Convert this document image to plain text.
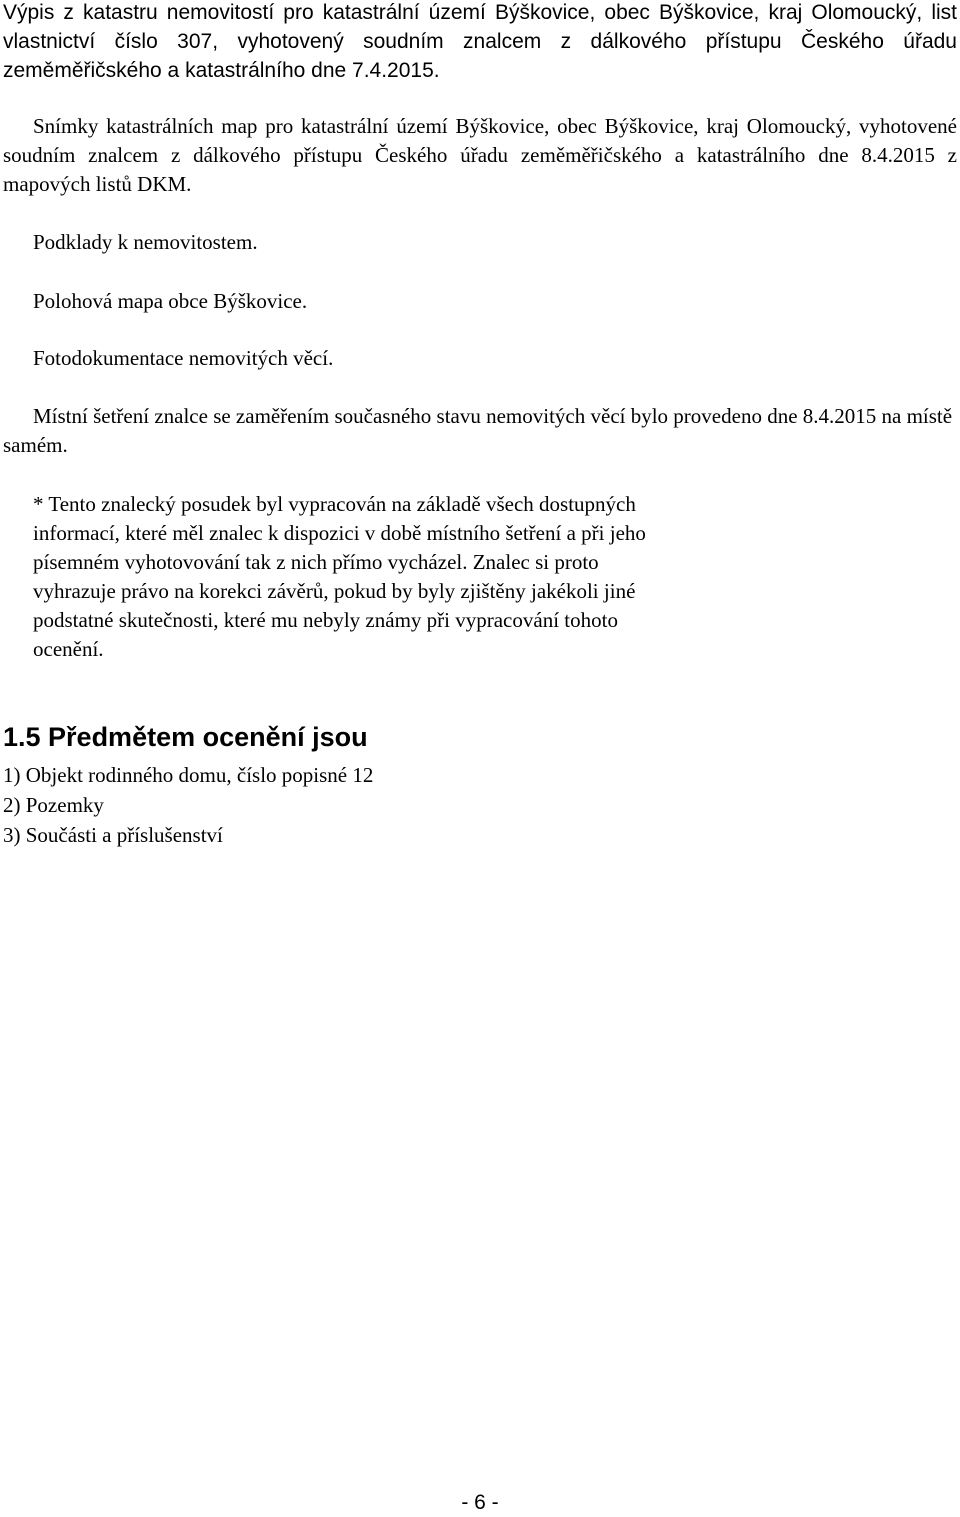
Výpis z katastru nemovitostí pro katastrální území Býškovice, obec Býškovice, kraj Olomoucký, list vlastnictví číslo 307, vyhotovený soudním znalcem z dálkového přístupu Českého úřadu zeměměřičského a katastrálního dne 7.4.2015.

Snímky katastrálních map pro katastrální území Býškovice, obec Býškovice, kraj Olomoucký, vyhotovené soudním znalcem z dálkového přístupu Českého úřadu zeměměřičského a katastrálního dne 8.4.2015 z mapových listů DKM.

Podklady k nemovitostem.

Polohová mapa obce Býškovice.

Fotodokumentace nemovitých věcí.

Místní šetření znalce se zaměřením současného stavu nemovitých věcí bylo provedeno dne 8.4.2015 na místě samém.

* Tento znalecký posudek byl vypracován na základě všech dostupných informací, které měl znalec k dispozici v době místního šetření a při jeho písemném vyhotovování tak z nich přímo vycházel. Znalec si proto vyhrazuje právo na korekci závěrů, pokud by byly zjištěny jakékoli jiné podstatné skutečnosti, které mu nebyly známy při vypracování tohoto ocenění.

1.5 Předmětem ocenění jsou
1) Objekt rodinného domu, číslo popisné 12
2) Pozemky
3) Součásti a příslušenství

- 6 -
